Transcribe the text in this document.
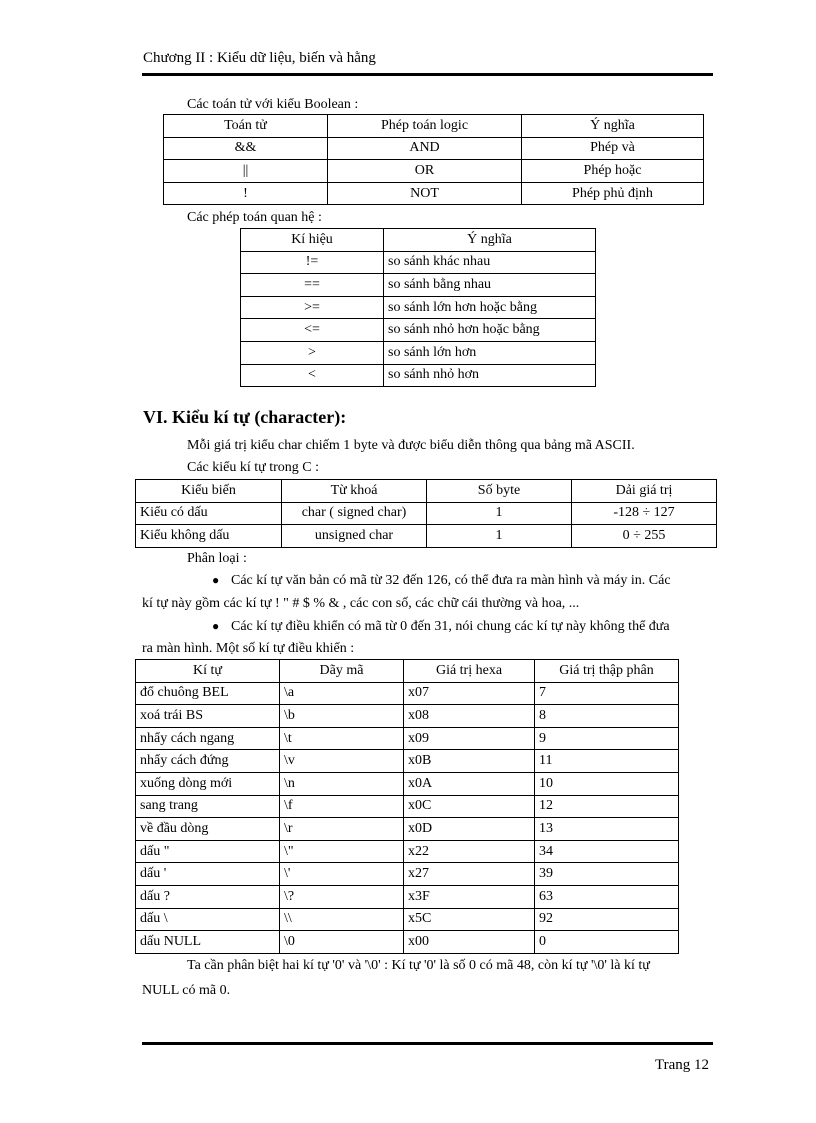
Chương II : Kiểu dữ liệu, biến và hằng
Các toán tử với kiểu Boolean :
Toán tử	Phép toán logic	Ý nghĩa
&&	AND	Phép và
||	OR	Phép hoặc
!	NOT	Phép phủ định
Các phép toán quan hệ :
Kí hiệu	Ý nghĩa
!=	so sánh khác nhau
==	so sánh bằng nhau
>=	so sánh lớn hơn hoặc bằng
<=	so sánh nhỏ hơn hoặc bằng
>	so sánh lớn hơn
<	so sánh nhỏ hơn
VI. Kiểu kí tự (character):
Mỗi giá trị kiểu char chiếm 1 byte và được biểu diễn thông qua bảng mã ASCII.
Các kiểu kí tự trong C :
Kiểu biến	Từ khoá	Số byte	Dải giá trị
Kiểu có dấu	char ( signed char)	1	-128 ÷ 127
Kiểu không dấu	unsigned char	1	0 ÷ 255
Phân loại :
● Các kí tự văn bản có mã từ 32 đến 126, có thể đưa ra màn hình và máy in. Các
kí tự này gồm các kí tự ! " # $ % & , các con số, các chữ cái thường và hoa, ...
● Các kí tự điều khiển có mã từ 0 đến 31, nói chung các kí tự này không thể đưa
ra màn hình. Một số kí tự điều khiển :
Kí tự	Dãy mã	Giá trị hexa	Giá trị thập phân
đổ chuông BEL	\a	x07	7
xoá trái BS	\b	x08	8
nhẩy cách ngang	\t	x09	9
nhẩy cách đứng	\v	x0B	11
xuống dòng mới	\n	x0A	10
sang trang	\f	x0C	12
về đầu dòng	\r	x0D	13
dấu "	\"	x22	34
dấu '	\'	x27	39
dấu ?	\?	x3F	63
dấu \	\\	x5C	92
dấu NULL	\0	x00	0
Ta cần phân biệt hai kí tự '0' và '\0' : Kí tự '0' là số 0 có mã 48, còn kí tự '\0' là kí tự
NULL có mã 0.
Trang 12
